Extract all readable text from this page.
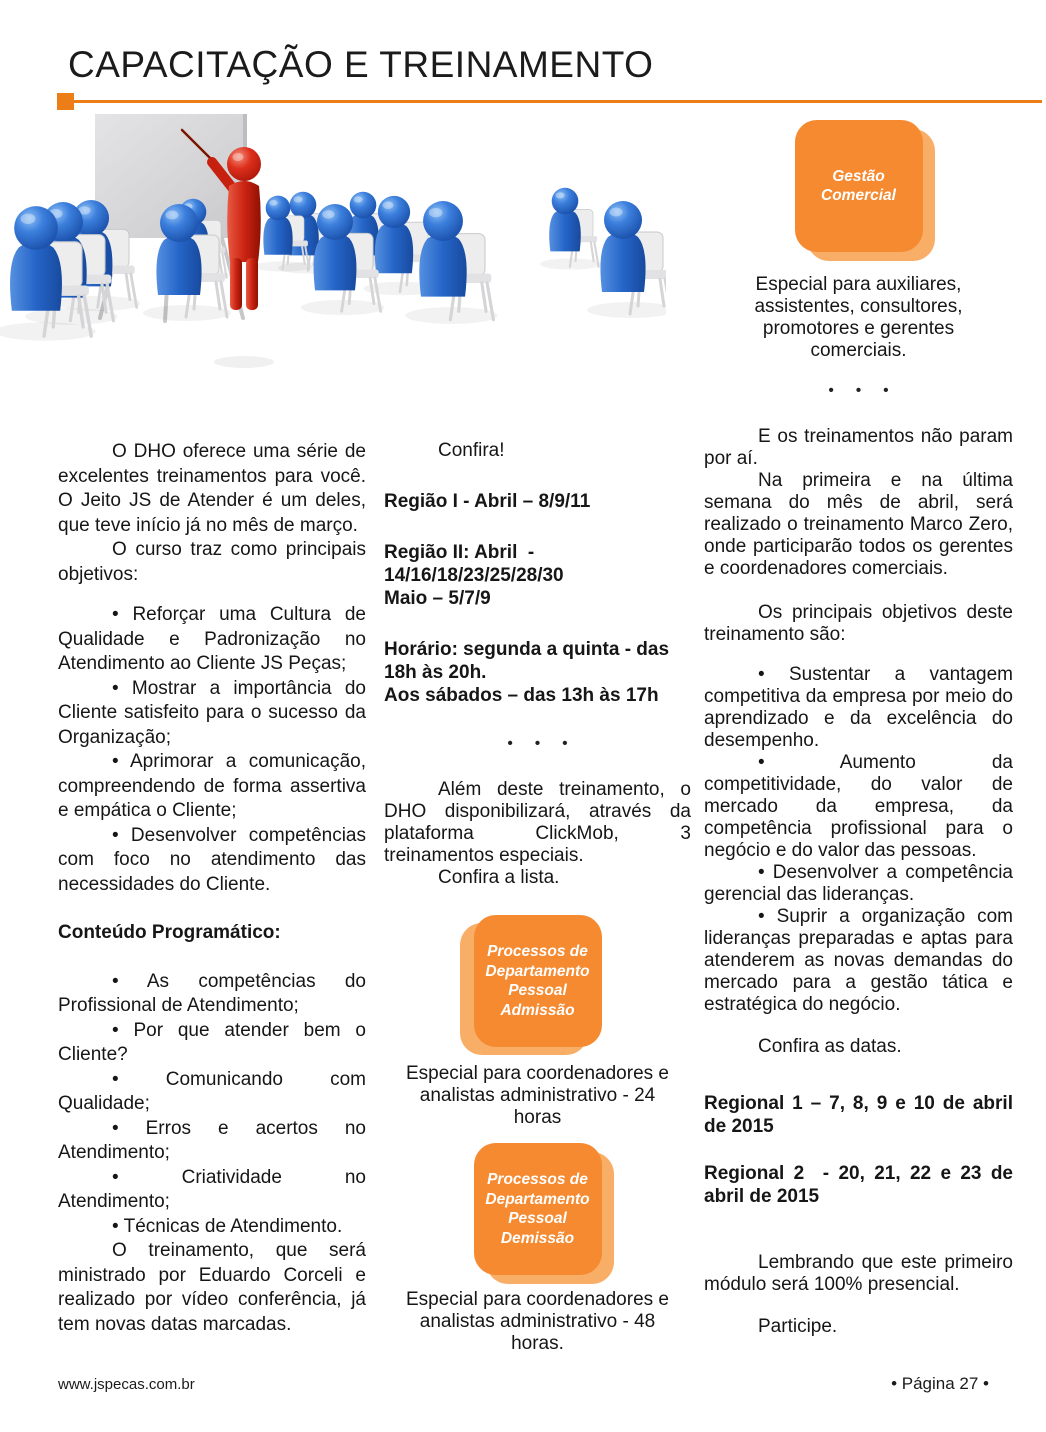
CAPACITAÇÃO E TREINAMENTO

O DHO oferece uma série de excelentes treinamentos para você. O Jeito JS de Atender é um deles, que teve início já no mês de março.

O curso traz como principais objetivos:

• Reforçar uma Cultura de Qualidade e Padronização no Atendimento ao Cliente JS Peças;

• Mostrar a importância do Cliente satisfeito para o sucesso da Organização;

• Aprimorar a comunicação, compreendendo de forma assertiva e empática o Cliente;

• Desenvolver competências com foco no atendimento das necessidades do Cliente.

Conteúdo Programático:

• As competências do Profissional de Atendimento;

• Por que atender bem o Cliente?

• Comunicando com Qualidade;

• Erros e acertos no Atendimento;

• Criatividade no Atendimento;

• Técnicas de Atendimento.

O treinamento, que será ministrado por Eduardo Corceli e realizado por vídeo conferência, já tem novas datas marcadas.

Confira!

Região I - Abril – 8/9/11
Região II: Abril  -
14/16/18/23/25/28/30
Maio – 5/7/9
Horário: segunda a quinta - das 18h às 20h.
Aos sábados – das 13h às 17h
• • •

Além deste treinamento, o DHO disponibilizará, através da plataforma ClickMob, 3 treinamentos especiais.

Confira a lista.

Processos de
Departamento
Pessoal
Admissão
Especial para coordenadores e analistas administrativo - 24 horas
Processos de
Departamento
Pessoal
Demissão
Especial para coordenadores e analistas administrativo - 48 horas.
Gestão
Comercial
Especial para auxiliares, assistentes, consultores, promotores e gerentes comerciais.
• • •

E os treinamentos não param por aí.

Na primeira e na última semana do mês de abril, será realizado o treinamento Marco Zero, onde participarão todos os gerentes e coordenadores comerciais.

Os principais objetivos deste treinamento são:

• Sustentar a vantagem competitiva da empresa por meio do aprendizado e da excelência do desempenho.

• Aumento da competitividade, do valor de mercado da empresa, da competência profissional para o negócio e do valor das pessoas.

• Desenvolver a competência gerencial das lideranças.

• Suprir a organização com lideranças preparadas e aptas para atenderem as novas demandas do mercado para a gestão tática e estratégica do negócio.

Confira as datas.

Regional 1 – 7, 8, 9 e 10 de abril de 2015
Regional 2  - 20, 21, 22 e 23 de abril de 2015

Lembrando que este primeiro módulo será 100% presencial.

Participe.

www.jspecas.com.br	• Página 27 •
